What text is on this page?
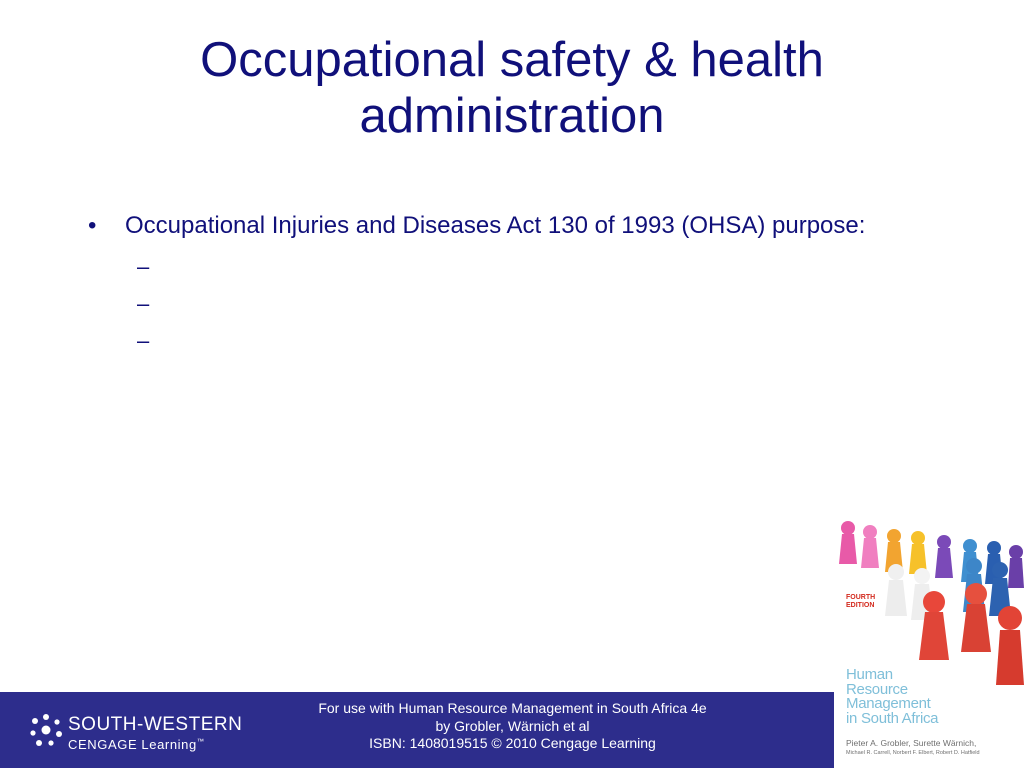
Occupational safety & health administration
•	Occupational Injuries and Diseases Act 130 of 1993 (OHSA) purpose:
–
–
–
SOUTH-WESTERN
CENGAGE Learning™
For use with Human Resource Management in South Africa 4e
by Grobler, Wärnich et al
ISBN: 1408019515 © 2010 Cengage Learning
FOURTH EDITION
Human
Resource
Management
in South Africa
Pieter A. Grobler, Surette Wärnich,
Michael R. Carrell, Norbert F. Elbert, Robert D. Hatfield
